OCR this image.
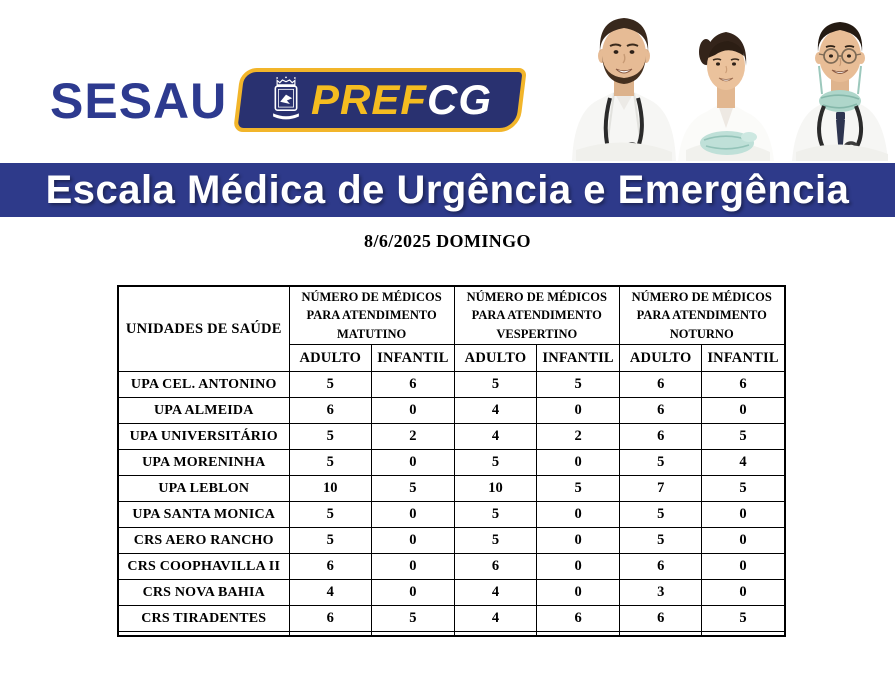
SESAU PREFCG
Escala Médica de Urgência e Emergência
8/6/2025 DOMINGO
UNIDADES DE SAÚDE	NÚMERO DE MÉDICOS PARA ATENDIMENTO MATUTINO		NÚMERO DE MÉDICOS PARA ATENDIMENTO VESPERTINO		NÚMERO DE MÉDICOS PARA ATENDIMENTO NOTURNO	
	ADULTO	INFANTIL	ADULTO	INFANTIL	ADULTO	INFANTIL
UPA CEL. ANTONINO	5	6	5	5	6	6
UPA ALMEIDA	6	0	4	0	6	0
UPA UNIVERSITÁRIO	5	2	4	2	6	5
UPA MORENINHA	5	0	5	0	5	4
UPA LEBLON	10	5	10	5	7	5
UPA SANTA MONICA	5	0	5	0	5	0
CRS AERO RANCHO	5	0	5	0	5	0
CRS COOPHAVILLA II	6	0	6	0	6	0
CRS NOVA BAHIA	4	0	4	0	3	0
CRS TIRADENTES	6	5	4	6	6	5
